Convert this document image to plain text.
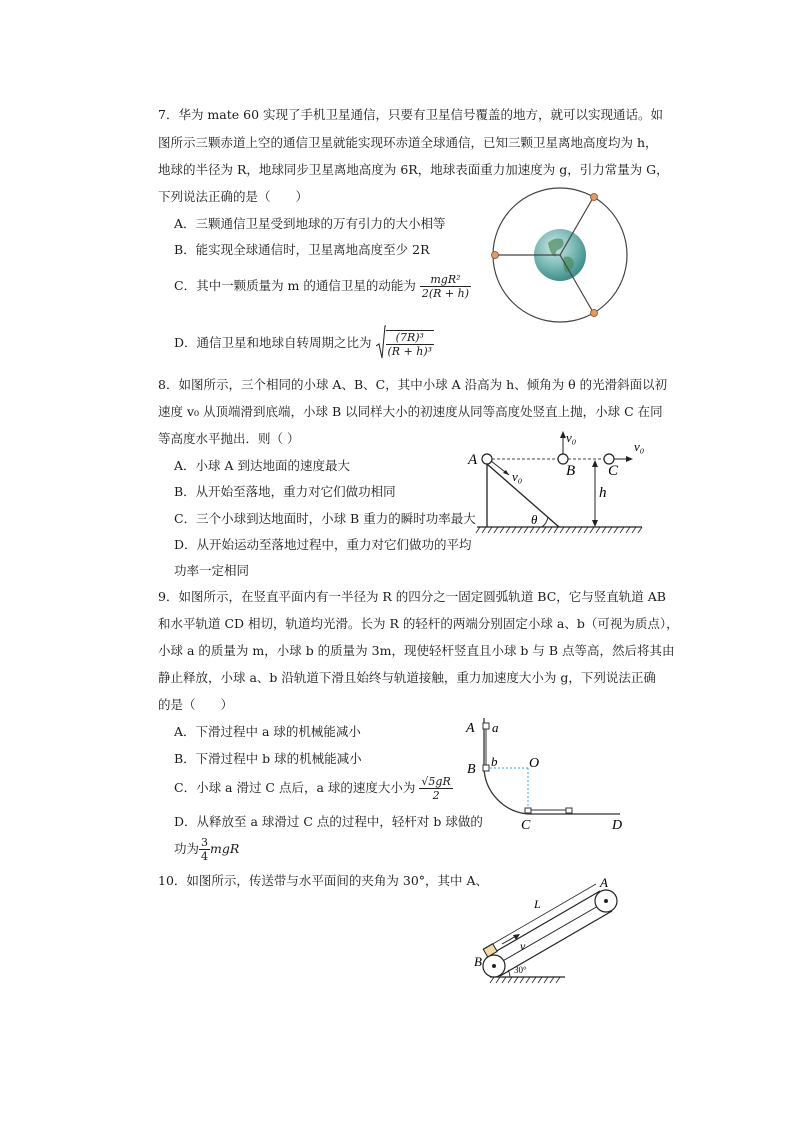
7．华为 mate 60 实现了手机卫星通信，只要有卫星信号覆盖的地方，就可以实现通话。如
图所示三颗赤道上空的通信卫星就能实现环赤道全球通信，已知三颗卫星离地高度均为 h，
地球的半径为 R，地球同步卫星离地高度为 6R，地球表面重力加速度为 g，引力常量为 G，
下列说法正确的是（　　）
A．三颗通信卫星受到地球的万有引力的大小相等
B．能实现全球通信时，卫星离地高度至少 2R
C．其中一颗质量为 m 的通信卫星的动能为 $\frac{\text{mgR²}}{2(R + h)}$
D．通信卫星和地球自转周期之比为 $\frac{\text{(7R)³}}{\text{(R + h)³}}$
8．如图所示，三个相同的小球 A、B、C，其中小球 A 沿高为 h、倾角为 θ 的光滑斜面以初
速度 v₀ 从顶端滑到底端，小球 B 以同样大小的初速度从同等高度处竖直上抛，小球 C 在同
等高度水平抛出．则（ ）
A．小球 A 到达地面的速度最大
B．从开始至落地，重力对它们做功相同
C．三个小球到达地面时，小球 B 重力的瞬时功率最大
D．从开始运动至落地过程中，重力对它们做功的平均
功率一定相同
A
v₀
θ
B
v₀
C
v₀
h
9．如图所示，在竖直平面内有一半径为 R 的四分之一固定圆弧轨道 BC，它与竖直轨道 AB
和水平轨道 CD 相切，轨道均光滑。长为 R 的轻杆的两端分别固定小球 a、b（可视为质点），
小球 a 的质量为 m，小球 b 的质量为 3m，现使轻杆竖直且小球 b 与 B 点等高，然后将其由
静止释放，小球 a、b 沿轨道下滑且始终与轨道接触，重力加速度大小为 g，下列说法正确
的是（　　）
A．下滑过程中 a 球的机械能减小
B．下滑过程中 b 球的机械能减小
C．小球 a 滑过 C 点后，a 球的速度大小为 $\frac{√5gR}{2}$
D．从释放至 a 球滑过 C 点的过程中，轻杆对 b 球做的
功为 $\frac{3}{4}$ mgR
A a
B
b O
C	D
10．如图所示，传送带与水平面间的夹角为 30°，其中 A、
30°
v
B
A
L
